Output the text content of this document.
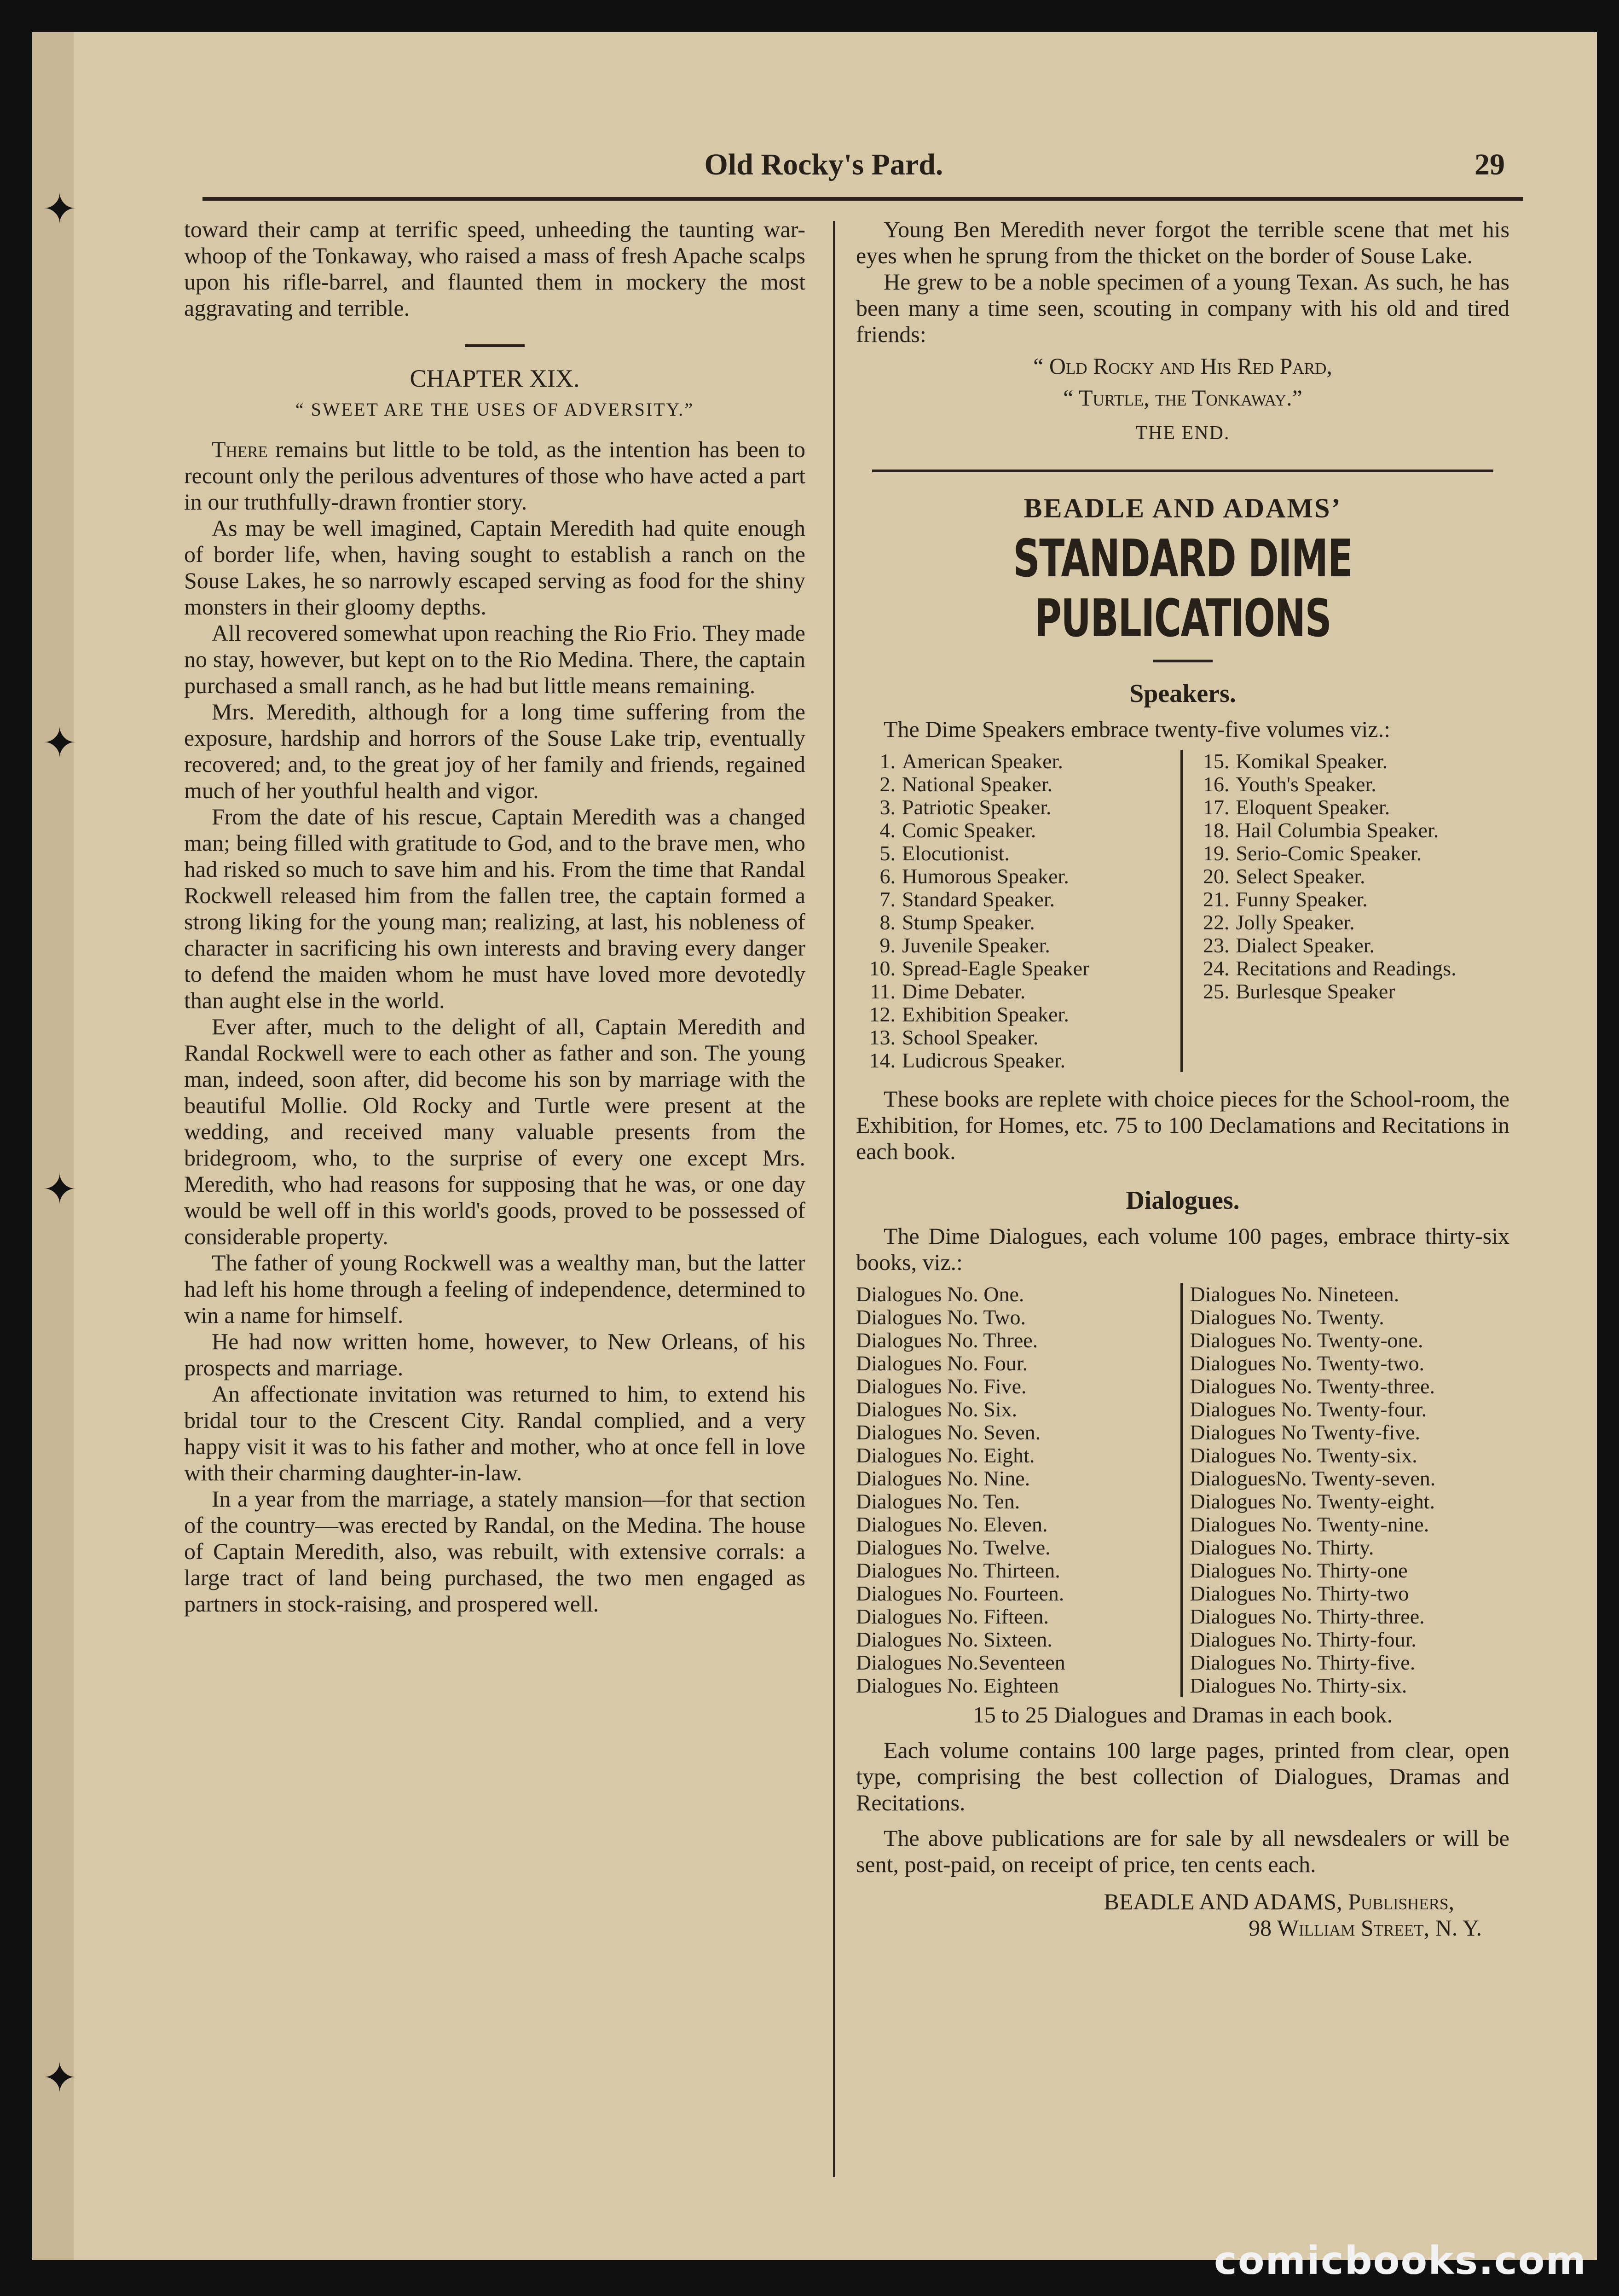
✦
✦
✦
✦
Old Rocky's Pard.	29

toward their camp at terrific speed, unheeding the taunting war-whoop of the Tonkaway, who raised a mass of fresh Apache scalps upon his rifle-barrel, and flaunted them in mockery the most aggravating and terrible.

CHAPTER XIX.
“ SWEET ARE THE USES OF ADVERSITY.”

There remains but little to be told, as the intention has been to recount only the perilous adventures of those who have acted a part in our truthfully-drawn frontier story.

As may be well imagined, Captain Meredith had quite enough of border life, when, having sought to establish a ranch on the Souse Lakes, he so narrowly escaped serving as food for the shiny monsters in their gloomy depths.

All recovered somewhat upon reaching the Rio Frio. They made no stay, however, but kept on to the Rio Medina. There, the captain purchased a small ranch, as he had but little means remaining.

Mrs. Meredith, although for a long time suffering from the exposure, hardship and horrors of the Souse Lake trip, eventually recovered; and, to the great joy of her family and friends, regained much of her youthful health and vigor.

From the date of his rescue, Captain Meredith was a changed man; being filled with gratitude to God, and to the brave men, who had risked so much to save him and his. From the time that Randal Rockwell released him from the fallen tree, the captain formed a strong liking for the young man; realizing, at last, his nobleness of character in sacrificing his own interests and braving every danger to defend the maiden whom he must have loved more devotedly than aught else in the world.

Ever after, much to the delight of all, Captain Meredith and Randal Rockwell were to each other as father and son. The young man, indeed, soon after, did become his son by marriage with the beautiful Mollie. Old Rocky and Turtle were present at the wedding, and received many valuable presents from the bridegroom, who, to the surprise of every one except Mrs. Meredith, who had reasons for supposing that he was, or one day would be well off in this world's goods, proved to be possessed of considerable property.

The father of young Rockwell was a wealthy man, but the latter had left his home through a feeling of independence, determined to win a name for himself.

He had now written home, however, to New Orleans, of his prospects and marriage.

An affectionate invitation was returned to him, to extend his bridal tour to the Crescent City. Randal complied, and a very happy visit it was to his father and mother, who at once fell in love with their charming daughter-in-law.

In a year from the marriage, a stately mansion—for that section of the country—was erected by Randal, on the Medina. The house of Captain Meredith, also, was rebuilt, with extensive corrals: a large tract of land being purchased, the two men engaged as partners in stock-raising, and prospered well.

Young Ben Meredith never forgot the terrible scene that met his eyes when he sprung from the thicket on the border of Souse Lake.

He grew to be a noble specimen of a young Texan. As such, he has been many a time seen, scouting in company with his old and tired friends:

“ Old Rocky and His Red Pard,
“ Turtle, the Tonkaway.”
THE END.
BEADLE AND ADAMS’
STANDARD DIME PUBLICATIONS
Speakers.

The Dime Speakers embrace twenty-five volumes viz.:

1. American Speaker.
2. National Speaker.
3. Patriotic Speaker.
4. Comic Speaker.
5. Elocutionist.
6. Humorous Speaker.
7. Standard Speaker.
8. Stump Speaker.
9. Juvenile Speaker.
10. Spread-Eagle Speaker
11. Dime Debater.
12. Exhibition Speaker.
13. School Speaker.
14. Ludicrous Speaker.
15. Komikal Speaker.
16. Youth's Speaker.
17. Eloquent Speaker.
18. Hail Columbia Speaker.
19. Serio-Comic Speaker.
20. Select Speaker.
21. Funny Speaker.
22. Jolly Speaker.
23. Dialect Speaker.
24. Recitations and Readings.
25. Burlesque Speaker

These books are replete with choice pieces for the School-room, the Exhibition, for Homes, etc. 75 to 100 Declamations and Recitations in each book.

Dialogues.

The Dime Dialogues, each volume 100 pages, embrace thirty-six books, viz.:

Dialogues No. One.
Dialogues No. Two.
Dialogues No. Three.
Dialogues No. Four.
Dialogues No. Five.
Dialogues No. Six.
Dialogues No. Seven.
Dialogues No. Eight.
Dialogues No. Nine.
Dialogues No. Ten.
Dialogues No. Eleven.
Dialogues No. Twelve.
Dialogues No. Thirteen.
Dialogues No. Fourteen.
Dialogues No. Fifteen.
Dialogues No. Sixteen.
Dialogues No.Seventeen
Dialogues No. Eighteen
Dialogues No. Nineteen.
Dialogues No. Twenty.
Dialogues No. Twenty-one.
Dialogues No. Twenty-two.
Dialogues No. Twenty-three.
Dialogues No. Twenty-four.
Dialogues No Twenty-five.
Dialogues No. Twenty-six.
DialoguesNo. Twenty-seven.
Dialogues No. Twenty-eight.
Dialogues No. Twenty-nine.
Dialogues No. Thirty.
Dialogues No. Thirty-one
Dialogues No. Thirty-two
Dialogues No. Thirty-three.
Dialogues No. Thirty-four.
Dialogues No. Thirty-five.
Dialogues No. Thirty-six.
15 to 25 Dialogues and Dramas in each book.

Each volume contains 100 large pages, printed from clear, open type, comprising the best collection of Dialogues, Dramas and Recitations.

The above publications are for sale by all newsdealers or will be sent, post-paid, on receipt of price, ten cents each.

BEADLE AND ADAMS, Publishers,
98 William Street, N. Y.
comicbooks.com
